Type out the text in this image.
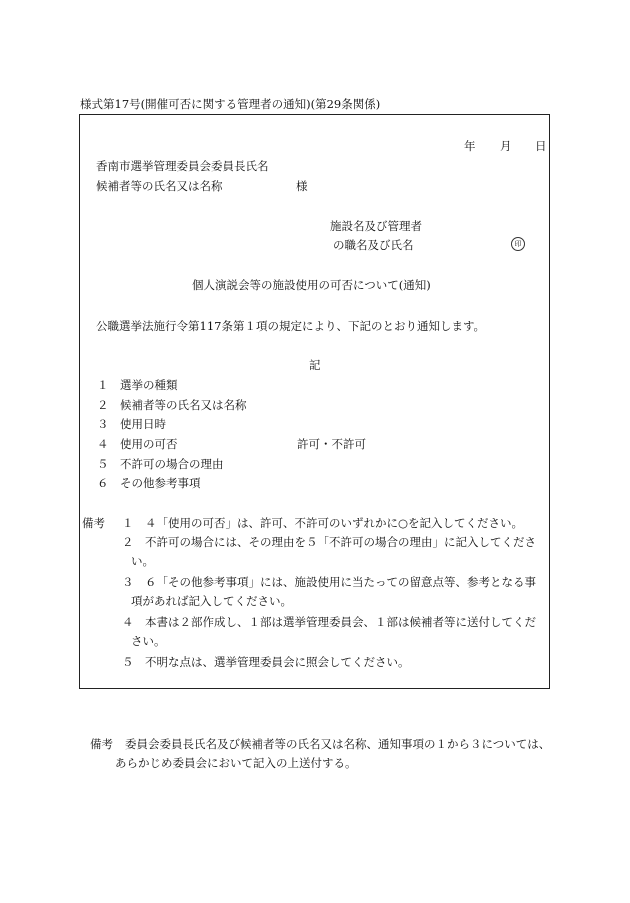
様式第17号(開催可否に関する管理者の通知)(第29条関係)
年 月 日
香南市選挙管理委員会委員長氏名
候補者等の氏名又は名称	様
施設名及び管理者
の職名及び氏名	印
個人演説会等の施設使用の可否について(通知)
公職選挙法施行令第117条第１項の規定により、下記のとおり通知します。
記
１ 選挙の種類
２ 候補者等の氏名又は名称
３ 使用日時
４ 使用の可否	許可・不許可
５ 不許可の場合の理由
６ その他参考事項
備考 １ ４「使用の可否」は、許可、不許可のいずれかに○を記入してください。
２ 不許可の場合には、その理由を５「不許可の場合の理由」に記入してくださ
い。
３ ６「その他参考事項」には、施設使用に当たっての留意点等、参考となる事
項があれば記入してください。
４ 本書は２部作成し、１部は選挙管理委員会、１部は候補者等に送付してくだ
さい。
５ 不明な点は、選挙管理委員会に照会してください。
備考 委員会委員長氏名及び候補者等の氏名又は名称、通知事項の１から３については、
あらかじめ委員会において記入の上送付する。
